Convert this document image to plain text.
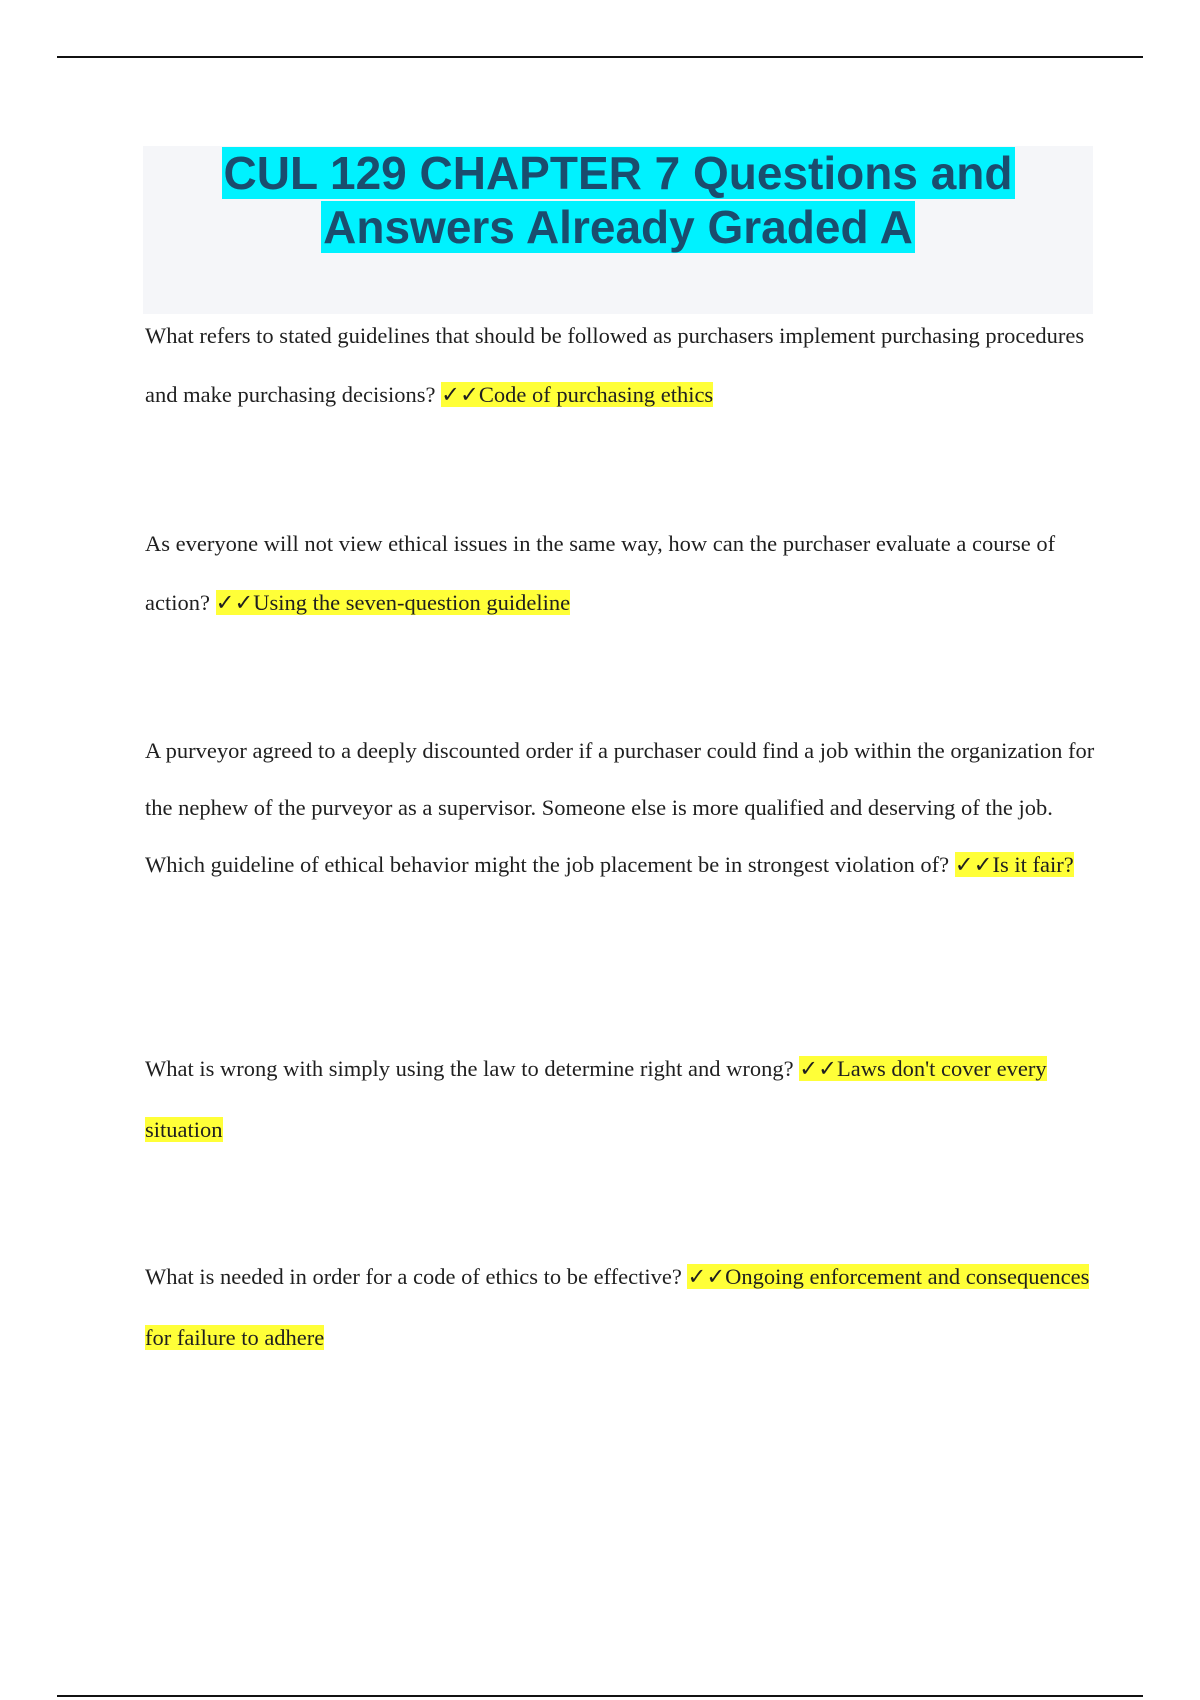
CUL 129 CHAPTER 7 Questions and
Answers Already Graded A

What refers to stated guidelines that should be followed as purchasers implement purchasing procedures and make purchasing decisions? ✓✓Code of purchasing ethics

As everyone will not view ethical issues in the same way, how can the purchaser evaluate a course of action? ✓✓Using the seven-question guideline

A purveyor agreed to a deeply discounted order if a purchaser could find a job within the organization for the nephew of the purveyor as a supervisor. Someone else is more qualified and deserving of the job. Which guideline of ethical behavior might the job placement be in strongest violation of? ✓✓Is it fair?

What is wrong with simply using the law to determine right and wrong? ✓✓Laws don't cover every situation

What is needed in order for a code of ethics to be effective? ✓✓Ongoing enforcement and consequences for failure to adhere
